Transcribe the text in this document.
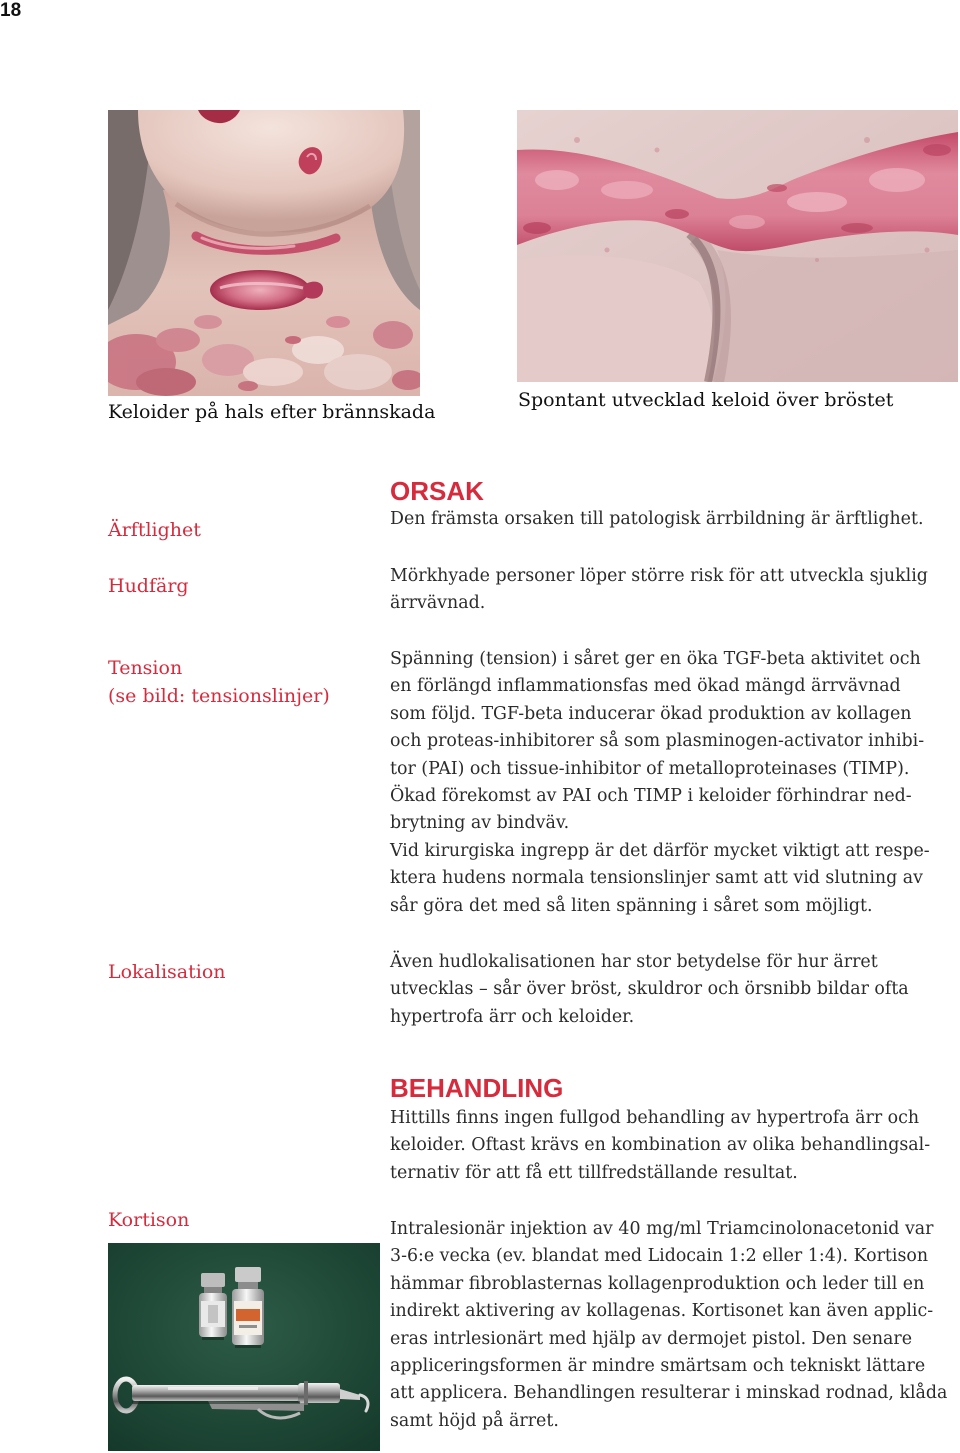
18
Keloider på hals efter brännskada
Spontant utvecklad keloid över bröstet
Ärftlighet
Hudfärg
Tension
(se bild: tensionslinjer)
Lokalisation
Kortison
ORSAK
Den främsta orsaken till patologisk ärrbildning är ärftlighet.
Mörkhyade personer löper större risk för att utveckla sjuklig
ärrvävnad.
Spänning (tension) i såret ger en öka TGF-beta aktivitet och
en förlängd inflammationsfas med ökad mängd ärrvävnad
som följd. TGF-beta inducerar ökad produktion av kollagen
och proteas-inhibitorer så som plasminogen-activator inhibi-
tor (PAI) och tissue-inhibitor of metalloproteinases (TIMP).
Ökad förekomst av PAI och TIMP i keloider förhindrar ned-
brytning av bindväv.
Vid kirurgiska ingrepp är det därför mycket viktigt att respe-
ktera hudens normala tensionslinjer samt att vid slutning av
sår göra det med så liten spänning i såret som möjligt.
Även hudlokalisationen har stor betydelse för hur ärret
utvecklas – sår över bröst, skuldror och örsnibb bildar ofta
hypertrofa ärr och keloider.
BEHANDLING
Hittills finns ingen fullgod behandling av hypertrofa ärr och
keloider. Oftast krävs en kombination av olika behandlingsal-
ternativ för att få ett tillfredställande resultat.
Intralesionär injektion av 40 mg/ml Triamcinolonacetonid var
3-6:e vecka (ev. blandat med Lidocain 1:2 eller 1:4). Kortison
hämmar fibroblasternas kollagenproduktion och leder till en
indirekt aktivering av kollagenas. Kortisonet kan även applic-
eras intrlesionärt med hjälp av dermojet pistol. Den senare
appliceringsformen är mindre smärtsam och tekniskt lättare
att applicera. Behandlingen resulterar i minskad rodnad, klåda
samt höjd på ärret.
